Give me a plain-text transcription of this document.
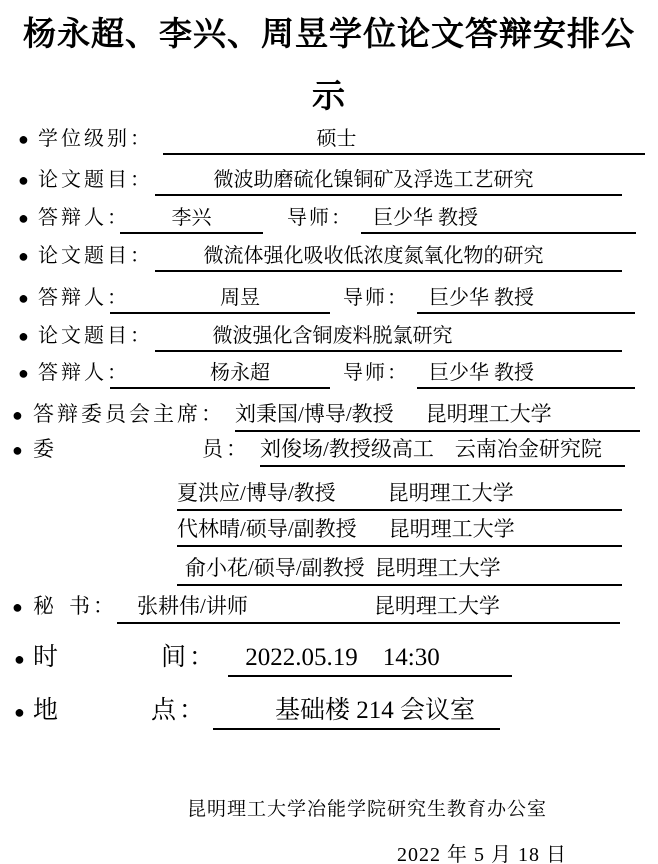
杨永超、李兴、周昱学位论文答辩安排公
示
● 学位级别：	硕士
● 论文题目：	微波助磨硫化镍铜矿及浮选工艺研究
● 答辩人：	李兴	导师：	巨少华 教授
● 论文题目：	微流体强化吸收低浓度氮氧化物的研究
● 答辩人：	周昱	导师：	巨少华 教授
● 论文题目：	微波强化含铜废料脱氯研究
● 答辩人：	杨永超	导师：	巨少华 教授
● 答辩委员会主席： 刘秉国/博导/教授 昆明理工大学
● 委	员： 刘俊场/教授级高工 云南冶金研究院
夏洪应/博导/教授 昆明理工大学
代林晴/硕导/副教授 昆明理工大学
俞小花/硕导/副教授 昆明理工大学
● 秘 书： 张耕伟/讲师	昆明理工大学
● 时	间：	2022.05.19　14:30
● 地	点：	基础楼 214 会议室
昆明理工大学冶能学院研究生教育办公室
2022 年 5 月 18 日
